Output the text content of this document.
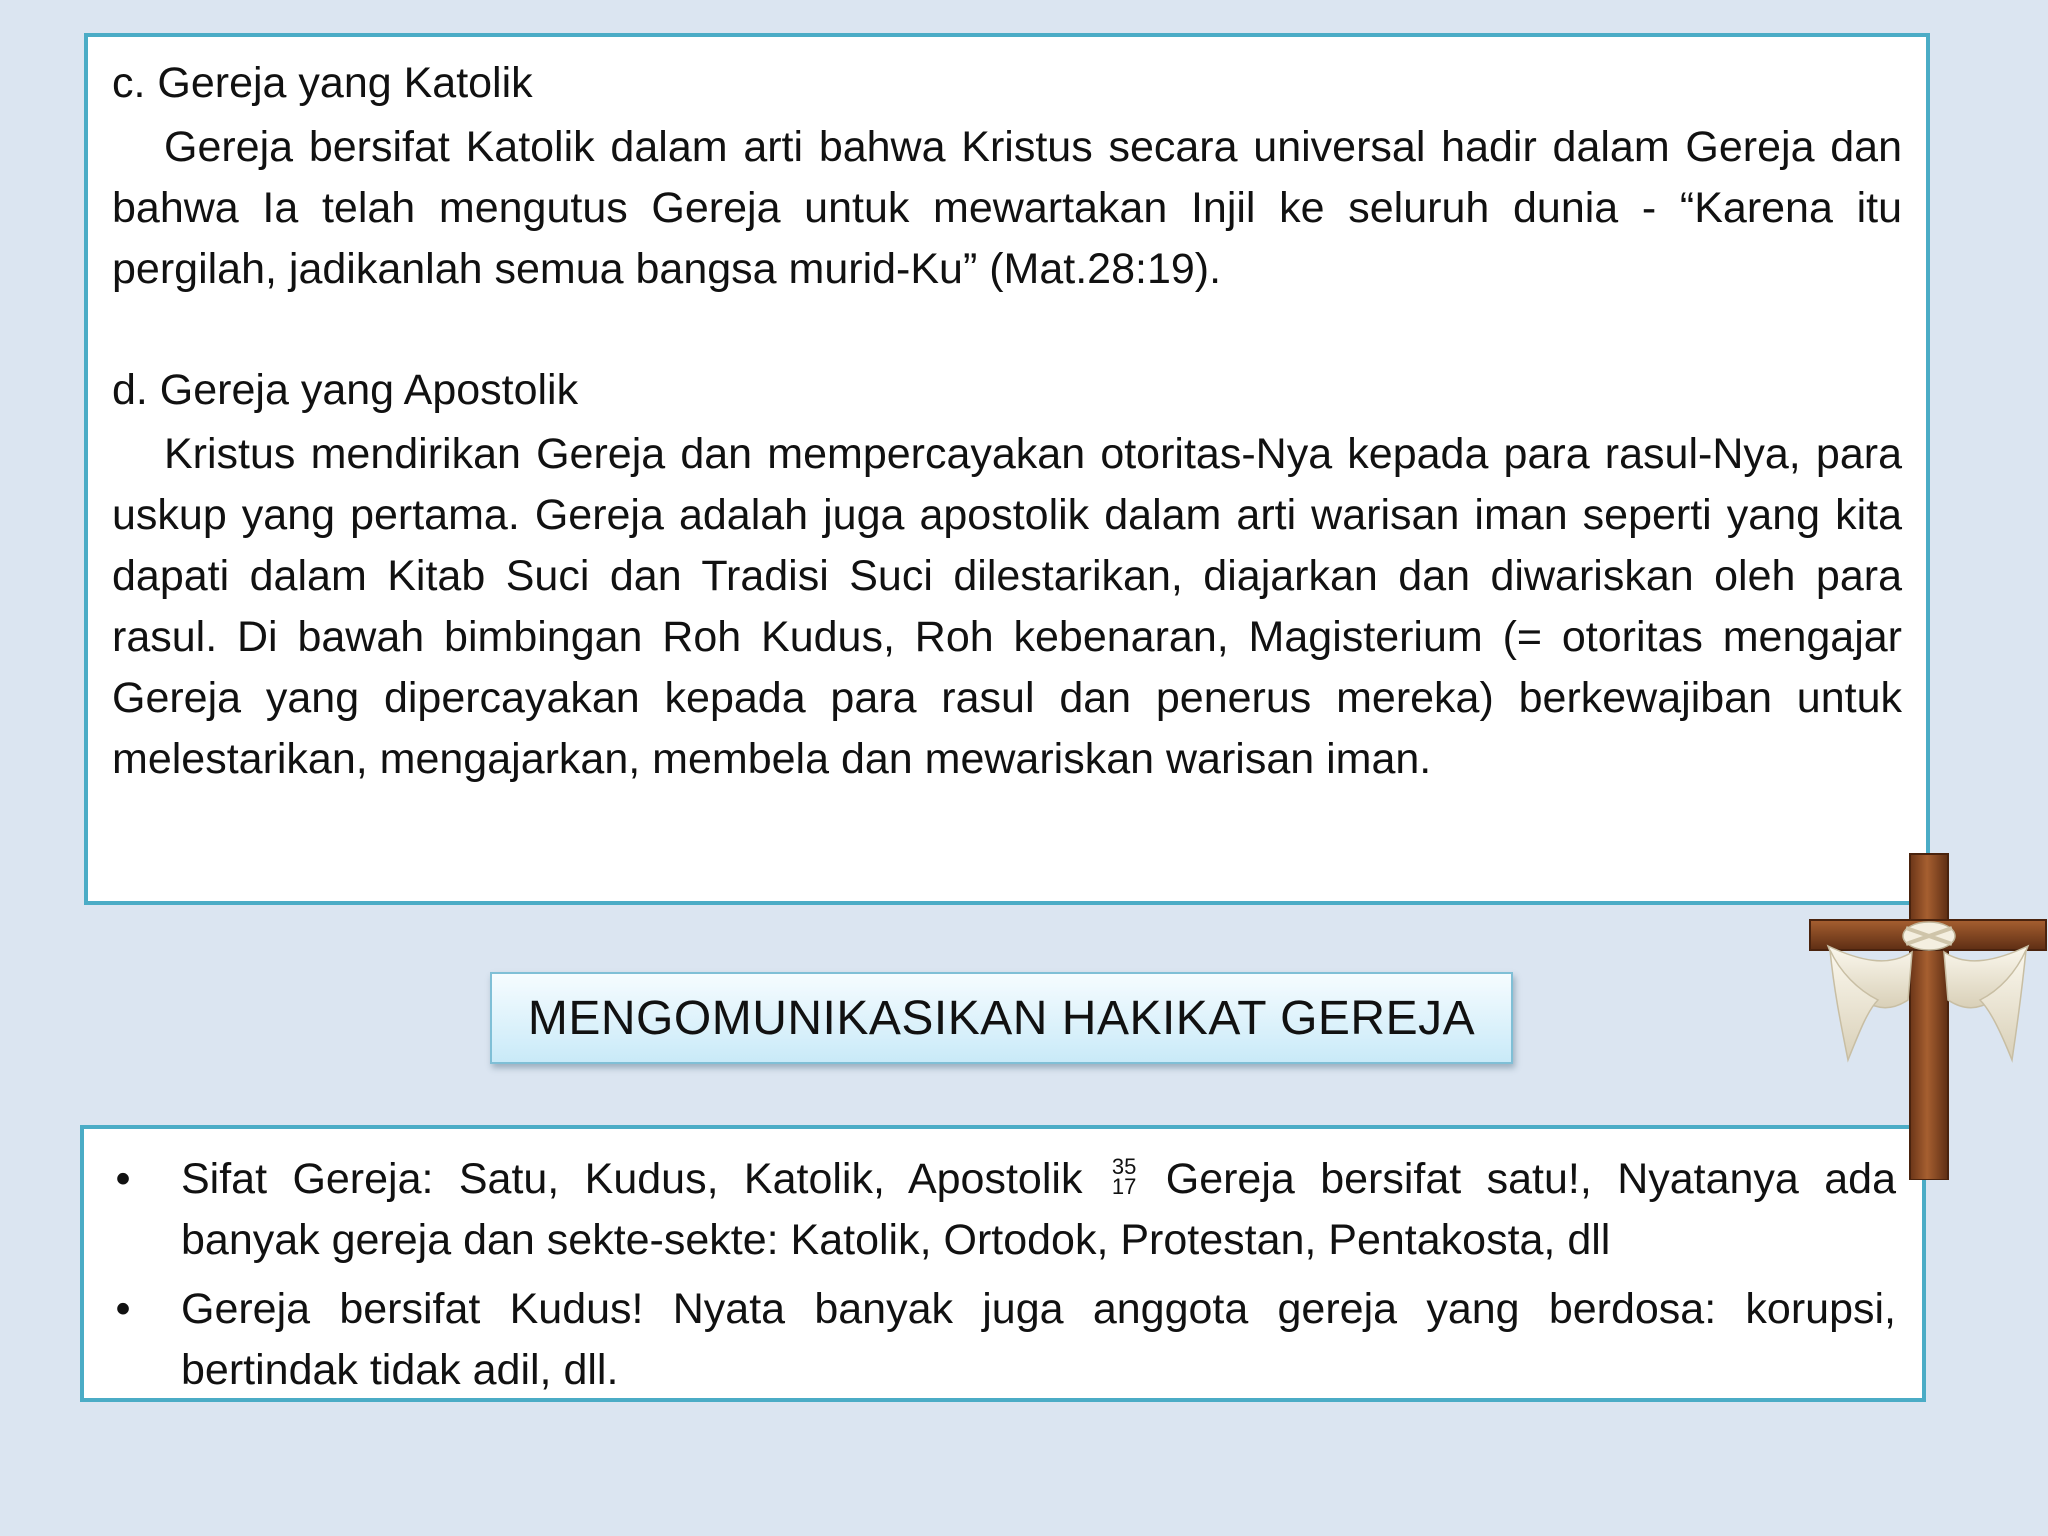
c. Gereja yang Katolik

Gereja bersifat Katolik dalam arti bahwa Kristus secara universal hadir dalam Gereja dan bahwa Ia telah mengutus Gereja untuk mewartakan Injil ke seluruh dunia - “Karena itu pergilah, jadikanlah semua bangsa murid-Ku” (Mat.28:19).

d. Gereja yang Apostolik

Kristus mendirikan Gereja dan mempercayakan otoritas-Nya kepada para rasul-Nya, para uskup yang pertama. Gereja adalah juga apostolik dalam arti warisan iman seperti yang kita dapati dalam Kitab Suci dan Tradisi Suci dilestarikan, diajarkan dan diwariskan oleh para rasul. Di bawah bimbingan Roh Kudus, Roh kebenaran, Magisterium (= otoritas mengajar Gereja yang dipercayakan kepada para rasul dan penerus mereka) berkewajiban untuk melestarikan, mengajarkan, membela dan mewariskan warisan iman.

MENGOMUNIKASIKAN HAKIKAT GEREJA
• Sifat Gereja: Satu, Kudus, Katolik, Apostolik 35
17 Gereja bersifat satu!, Nyatanya ada banyak gereja dan sekte-sekte: Katolik, Ortodok, Protestan, Pentakosta, dll
• Gereja bersifat Kudus! Nyata banyak juga anggota gereja yang berdosa: korupsi, bertindak tidak adil, dll.
